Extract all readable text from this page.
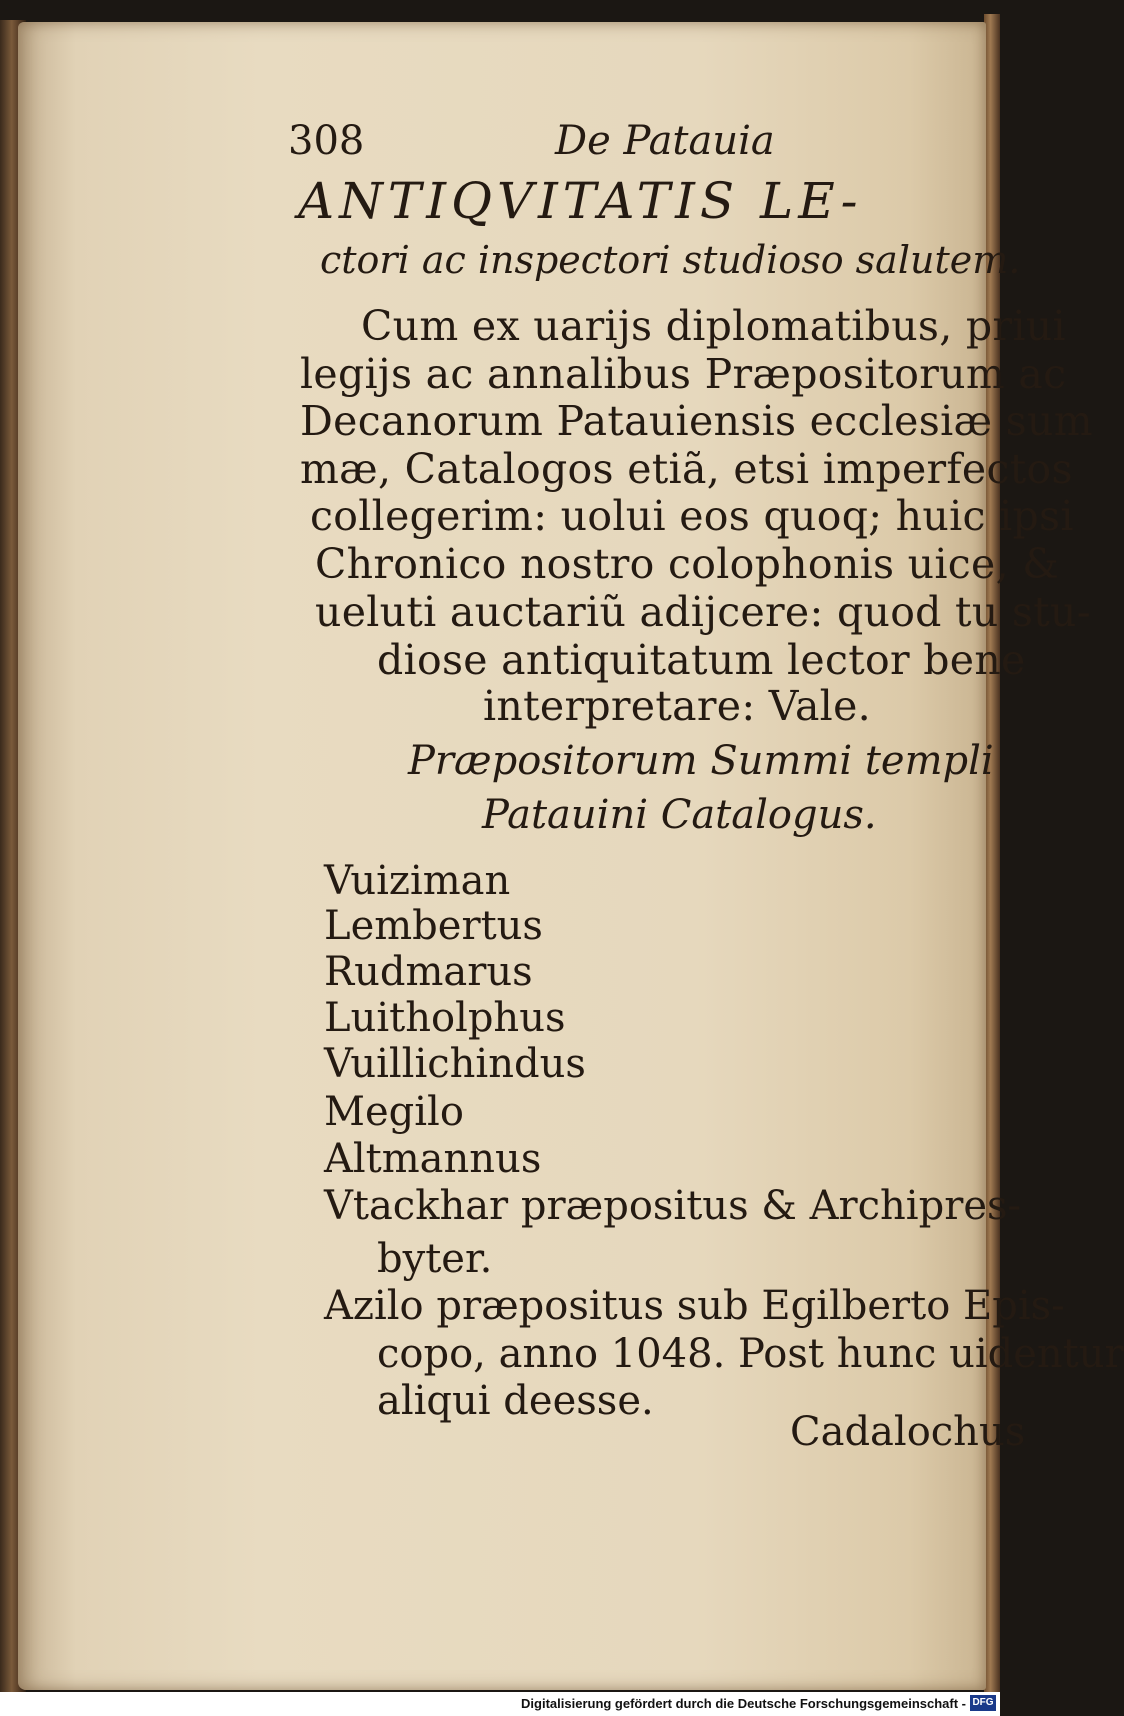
308	De Patauia
ANTIQVITATIS LE-
ctori ac inspectori studioso salutem.
Cum ex uariјs diplomatibus, priui
legiјs ac annalibus Præpositorum ac
Decanorum Patauiensis ecclesiæ sum
mæ, Catalogos etiã, etsi imperfectos
collegerim: uolui eos quoq; huic ipsi
Chronico nostro colophonis uice, &
ueluti auctariũ adiјcere: quod tu stu-
diose antiquitatum lector bene
interpretare: Vale.
Præpositorum Summi templi
Patauini Catalogus.
Vuiziman
Lembertus
Rudmarus
Luitholphus
Vuillichindus
Megilo
Altmannus
Vtackhar præpositus & Archipres-
byter.
Azilo præpositus sub Egilberto Epis-
copo, anno 1048. Post hunc uidentur
aliqui deesse.
Cadalochus
Digitalisierung gefördert durch die Deutsche Forschungsgemeinschaft - DFG
